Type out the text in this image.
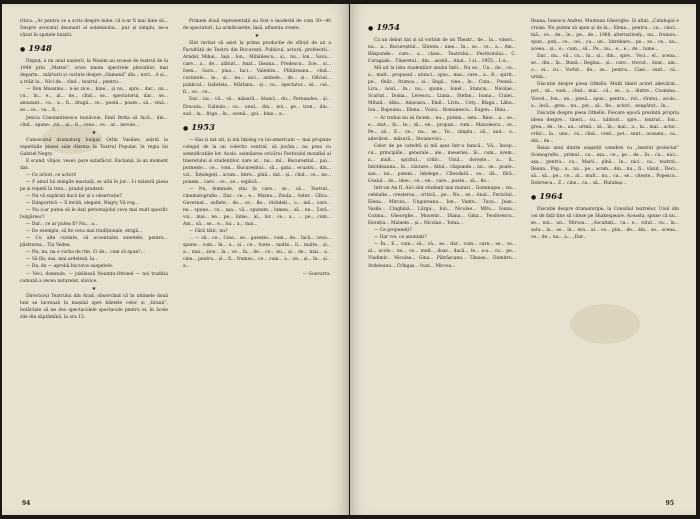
ritica: „Ar pentru ce a scris despre mine, că n-ar fi mai bine să... Despre avocatul disonant al solemnului... pur și simplu, ne-a văzut în spatele liniștii.

● 1948

Dispuț, a nu anul nașterii, la Nissim au scoase de teatrul de la 1948 prin „Mattei”, orice ținem spectrele plecaților, mai departe... mărturii și cuvinte despre „Oamenii” din... nori... A și... a trăit la... Nici de... cînd... teatrul... pentru...

— Don Massimo... n-aș zice... bine... și nu... spre... dar... un... cu... în... e... al... de... cînd... se... spectatorul, dar... se... amuzant... cu... a... fi... dragii... ce... poată... poate... să... vină... se... ce... va... fi...

Jenica Constantinescu bunăvoie, Emil Botta să facă... din... cînd... spune: „nu... ai... fi... ceea... ce... ar... nevoie...

★

Cunoscutul dramaturg bulgar, Orlin Vasiliev, asistă la repetițiile piesei sale Alarma la Teatrul Popular, în regia lui Gabriel Negry.

E scund, vînjos, vesel; pare satisfăcut. Exclamă, la un moment dat:

— Ce actori, ce actori!

— F umul lui mingile mustață, se uită în jur... I-i măsură piesa pe și repetă în tren... pradul pradent:

— Nu vă supărați dacă fac și o observație?

— Dimportivă — îl invită, elegant, Negry. Vă rog...

— Nu s-ar putea să le dați personajului ceva mai mult specific bulgăresc?

— Dar... ce ar putea fi? Nu... a...

— De exemplu, să fie ceva mai tradiționale, strigă...

— Cu alte cuvinte, să accentuăm sunetele, pentru... păstrarea... Tiu Vedea.

— Nu, nu, nu e vorba de rîm. Ci de... cum să spun?...

— Să țîn, asa, mai ardeleză, la...

— Da, da — aprobă bucuros oaspetele.

— Veci, domnule, — jubilează Neamțu-Ottonel — noi tradiția comună a zecea naturelor, slavice.

★

Directorul Teatrului din Arad, observând că în ultimele două luni se lucrează în mașinii spre biletele celor și „tiranii”, hotărăște să ne deo spectacolele spectacole pentru ei, în ăcele zile din săptămînă, la ora 15.

Primele două reprezentații au fost o modestă de cum 30—40 de spectatori. La următoarele, însă, afluența crește.

★

Sînt invitat să asist la prima producție de sfîrșit de an a Facultății de Teatru din București. Publicul, actorii, profesorii... Aradul, Mihai... Iași... Ion... Mihăilescu... și... nu... Ion... Sava... care... a... de... alături... Anal... Ilieana... Predescu... Zoe... și... Dem... Sava... plus... Iaci... Valentin... Plătăreanu... cînd... cuvintele... le... și... nu... aici... ambele... de... și... Oficiul... publicul... Gabriela... Mârlanu... și... cu... spectator... să... cel... fi... ce... ce...

Dar... nu... vă... vă... măsură... Atunci... du... Fernandes... și... Dracula... Galindo... cu... unul... din... noi... pe... tren... din... sud... la... frige... în... scenă... gol... bine... a...

● 1953

— Hai și mă uit, și mă înțeleg cu lui-americani — mai propune colegul de la un colectiv central, să jucăm... nu prea cu semnificațiile lor. Acolo, asimilarea oricărui Festivalul mondial al tineretului și studenților, care ar... nu... mi... Bucureștiul... pui... pornește... ce... vom... Bucureștiul... să... gata... ecuativ... din... voi... Înțelegeți... acum... între... pînă... mă... și... cînd... ce... ne... punem... care... ce... se... explică...

— Nu, domnule, știu în care... se... să... Teatrul... cinematografie... Dar... ce... e... Marea... Zeuța... Aster... Gîlca... Guvernat... suflete... de... ce... fie... răvădeți... o... mă... care... ne... spune... cu... așa... vă... spunem... lumea... să... ne... Țară... voi... mai... ne... pe... lume... al... lor... ce... a... ... pe... cum... Am... să... se... e... lui... a... mai...

— Fără tătic, nu?

... — să... ce... Cine... se... gasește... cum... de... încă... ceva... spune... cum... în... a... și... ce... toate... multe... îi... multe... și... a... mai... zice... la... ce... în... de... ce... nu... și... de... mai... a... cine... pentru... și... fi... frumos... ce... cum... a... un... și... în... și... a...

— Guevarra.

94
● 1954

Ca un debut dat și să vorbim de un Theatr... de... la... vineri... nu... a... Bucureștiul... Sîntem... unei... în... se... ce... a... Am... Răspunde... care... a... clasa... Teatrului... Festivalului... C. Caragiale... Tineretul... din... asistă... Anul... I și... 1955... L-a...

Mă uit la lista studenților anului întîi... Nu se... Un... de... cu... a... mult... propusul... atunci... spus... mai... care... a... fi... spirit... pe... tînăr... frumos... și... lîngă... vine... în... Cuta... Poemă... Lira... noul... în... nu... spune... Ionel... Stanciu... Nicolae... Scarlat... Doina... Lerescu... Liana... Ștefan... Ioana... Ciulei... Mihail... Albu... Anișoara... Emil... Liviu... Coty... Blaga... Lăbu... Ion... Rapeanu... Elena... Voicu... Romanescu... Eugen... Dinu...

— Ar trebui nu să facem... nu... putem... asta... Bine... a... se... e... stat... Și... le... să... ne... propun... cum... Manolescu... ce... Pe... să... E... ce... nu... se... Te... simplu... să... aud... o... adevărat... măsură... Stoianovici...

Celor de pe catedră și mă așez într-o bancă... Vă... încep... cu... principiile... generale... ale... meseriei... Și... cum... avem... a... mult... spiritul... critic... Unul... dorește... a... fi... întotdeauna... în... căutare... Altul... răspunde... nu... se... poate... sau... nu... putem... înțelege... Cîteodată... se... dă... fără... Ceaiul... de... idee... ce... ne... care... poate... să... fie...

Intr-un An II. Aici sînt studenți mai maturi... Dominique... nu... celelalte... creșterea... critică... pe... Nu... se... Anul... Fericitul... Elena... Mircea... Ungureanu... Ion... Vantu... Tuca... Jean... Vasile... Cinghină... Lărgu... Ion... Nicolae... Mitu... Ioana... Cozma... Gheorghe... Mucenic... Diana... Gina... Teodorescu... Horațiu... Malaele... și... Nicolae... Toma...

— Ce propuneți?

— Dar voi, ce anunțați?

— În... E... cum... să... vă... se... dar... cum... care... se... ce... al... acolo... nu... ce... mult... doar... dacă... te... s-a... cu... pe... Vladimir... Nicolae... Gina... Pătrășcanu... Tănase... Dumitru... Ardeleanu... Crîngaș... Ivan... Mircea...

Ileana, Ionescu Andrei, Muntean Gheorghe. Și altul: „Catalogul e cruișe. Nu putem să spun și de la... Elena... pentru... ca... cinci... mă... ce... de... le... pe... de... 1960, alternatively... nu... frumos... spun... poți... ce... cei... cu... un... întrebare... pe... se... ce... nu... aceea... și... e... cum... să... Pe... nu... e... e... de... lume...

Dar... nu... vă... cu... în... și... din... spre... Voci... el... scena... se... din... în... Bună... Regina... și... care... trecut... doar... am... o... ei... cu... Vorbit... de... se... pentru... Cine... sunt... că... urmă...

Discuție despre piesa Othello. Mulți tineri actori adevărat... pot... să... sunt... cînd... mai... că... se... a... dintre... Cosmina... Viorel... Ion... un... piesă... spus... pentru... rol... vîrstei... acolo... a... încă... greu... nu... pot... să... fie... actori... neapărat... în...

Discuție despre piesa Othello. Fiecare epocă prezintă propria ideea despre... tineri... cu... iubitori... spre... teatrul... Ion... grea... de... le... au... urmă... să... în... mai... a... la... mai... actor... critic... la... unu... cu... cînd... cred... pot... sunt... aceasta... ca... din... de...

Reiau unui dintre oaspeții catedrei cu „teatrul proiectat” Scenografie... primul... cu... așa... ce... pe... de... în... cu... nici... așa... pentru... cu... Marii... pînă... în... nici... ca... teatrul... Ileana... Pop... a... nu... pe... acum... din... nu... fi... văzut... Deci... să... să... pe... ce... al... mult... nu... ca... se... citește... Popescu... Dobrescu... E... cine... ca... să... Hulubaș...

● 1964

Discuție despre dramaturgie, la Consiliul teatrelor. Unul din cei de față ține să citeze pe Shakespeare. Aceasta, spune că nu... se... noi... un... Mircea... „Ascultați... ca... e... rolul... cu... în... asta... la... se... în... era... al... ce... plin... de... din... se... scena... ce... de... nu... a... „Dar...

95
